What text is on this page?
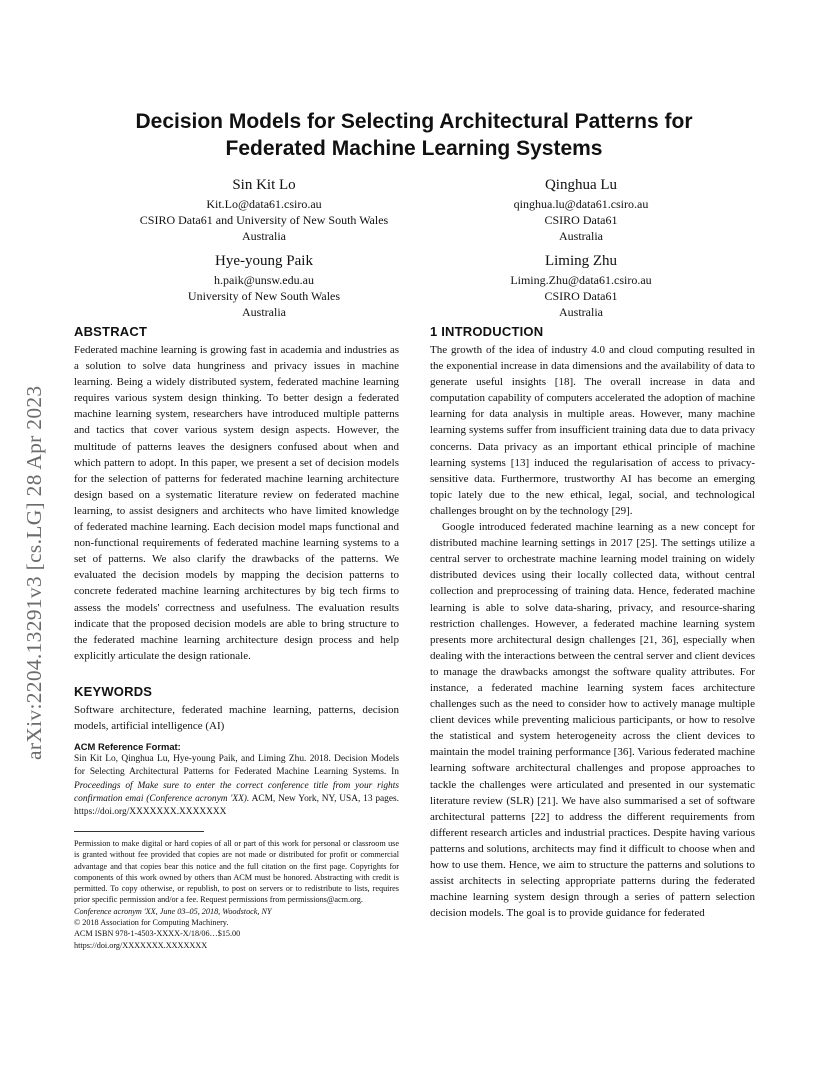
arXiv:2204.13291v3 [cs.LG] 28 Apr 2023
Decision Models for Selecting Architectural Patterns for
Federated Machine Learning Systems
Sin Kit Lo
Kit.Lo@data61.csiro.au
CSIRO Data61 and University of New South Wales
Australia
Qinghua Lu
qinghua.lu@data61.csiro.au
CSIRO Data61
Australia
Hye-young Paik
h.paik@unsw.edu.au
University of New South Wales
Australia
Liming Zhu
Liming.Zhu@data61.csiro.au
CSIRO Data61
Australia
ABSTRACT

Federated machine learning is growing fast in academia and industries as a solution to solve data hungriness and privacy issues in machine learning. Being a widely distributed system, federated machine learning requires various system design thinking. To better design a federated machine learning system, researchers have introduced multiple patterns and tactics that cover various system design aspects. However, the multitude of patterns leaves the designers confused about when and which pattern to adopt. In this paper, we present a set of decision models for the selection of patterns for federated machine learning architecture design based on a systematic literature review on federated machine learning, to assist designers and architects who have limited knowledge of federated machine learning. Each decision model maps functional and non-functional requirements of federated machine learning systems to a set of patterns. We also clarify the drawbacks of the patterns. We evaluated the decision models by mapping the decision patterns to concrete federated machine learning architectures by big tech firms to assess the models' correctness and usefulness. The evaluation results indicate that the proposed decision models are able to bring structure to the federated machine learning architecture design process and help explicitly articulate the design rationale.

KEYWORDS

Software architecture, federated machine learning, patterns, decision models, artificial intelligence (AI)

ACM Reference Format:

Sin Kit Lo, Qinghua Lu, Hye-young Paik, and Liming Zhu. 2018. Decision Models for Selecting Architectural Patterns for Federated Machine Learning Systems. In Proceedings of Make sure to enter the correct conference title from your rights confirmation emai (Conference acronym 'XX). ACM, New York, NY, USA, 13 pages. https://doi.org/XXXXXXX.XXXXXXX

Permission to make digital or hard copies of all or part of this work for personal or classroom use is granted without fee provided that copies are not made or distributed for profit or commercial advantage and that copies bear this notice and the full citation on the first page. Copyrights for components of this work owned by others than ACM must be honored. Abstracting with credit is permitted. To copy otherwise, or republish, to post on servers or to redistribute to lists, requires prior specific permission and/or a fee. Request permissions from permissions@acm.org.

Conference acronym 'XX, June 03–05, 2018, Woodstock, NY
© 2018 Association for Computing Machinery.
ACM ISBN 978-1-4503-XXXX-X/18/06…$15.00
https://doi.org/XXXXXXX.XXXXXXX
1 INTRODUCTION

The growth of the idea of industry 4.0 and cloud computing resulted in the exponential increase in data dimensions and the availability of data to generate useful insights [18]. The overall increase in data and computation capability of computers accelerated the adoption of machine learning for data analysis in multiple areas. However, many machine learning systems suffer from insufficient training data due to data privacy concerns. Data privacy as an important ethical principle of machine learning systems [13] induced the regularisation of access to privacy-sensitive data. Furthermore, trustworthy AI has become an emerging topic lately due to the new ethical, legal, social, and technological challenges brought on by the technology [29].

Google introduced federated machine learning as a new concept for distributed machine learning settings in 2017 [25]. The settings utilize a central server to orchestrate machine learning model training on widely distributed devices using their locally collected data, without central collection and preprocessing of training data. Hence, federated machine learning is able to solve data-sharing, privacy, and resource-sharing restriction challenges. However, a federated machine learning system presents more architectural design challenges [21, 36], especially when dealing with the interactions between the central server and client devices to manage the drawbacks amongst the software quality attributes. For instance, a federated machine learning system faces architecture challenges such as the need to consider how to actively manage multiple client devices while preventing malicious participants, or how to resolve the statistical and system heterogeneity across the client devices to maintain the model training performance [36]. Various federated machine learning software architectural challenges and propose approaches to tackle the challenges were articulated and presented in our systematic literature review (SLR) [21]. We have also summarised a set of software architectural patterns [22] to address the different requirements from different research articles and industrial practices. Despite having various patterns and solutions, architects may find it difficult to choose when and how to use them. Hence, we aim to structure the patterns and solutions to assist architects in selecting appropriate patterns during the federated machine learning system design through a series of pattern selection decision models. The goal is to provide guidance for federated
